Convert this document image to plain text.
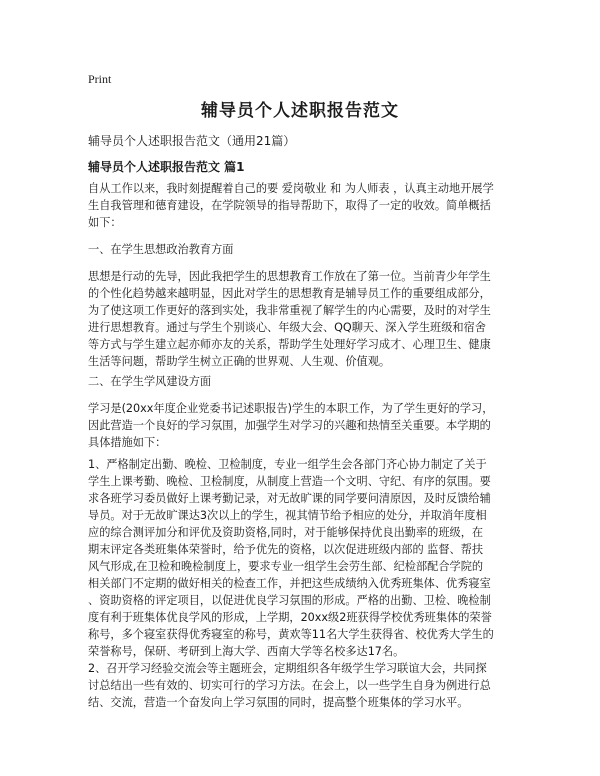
Print
辅导员个人述职报告范文
辅导员个人述职报告范文（通用21篇）
辅导员个人述职报告范文 篇1
自从工作以来，我时刻提醒着自己的要 爱岗敬业 和 为人师表 ，认真主动地开展学
生自我管理和德育建设，在学院领导的指导帮助下，取得了一定的收效。简单概括
如下：
一、在学生思想政治教育方面
思想是行动的先导，因此我把学生的思想教育工作放在了第一位。当前青少年学生
的个性化趋势越来越明显，因此对学生的思想教育是辅导员工作的重要组成部分，
为了使这项工作更好的落到实处，我非常重视了解学生的内心需要，及时的对学生
进行思想教育。通过与学生个别谈心、年级大会、QQ聊天、深入学生班级和宿舍
等方式与学生建立起亦师亦友的关系，帮助学生处理好学习成才、心理卫生、健康
生活等问题，帮助学生树立正确的世界观、人生观、价值观。
二、在学生学风建设方面
学习是(20xx年度企业党委书记述职报告)学生的本职工作，为了学生更好的学习，
因此营造一个良好的学习氛围，加强学生对学习的兴趣和热情至关重要。本学期的
具体措施如下：
1、严格制定出勤、晚检、卫检制度，专业一组学生会各部门齐心协力制定了关于
学生上课考勤、晚检、卫检制度，从制度上营造一个文明、守纪、有序的氛围。要
求各班学习委员做好上课考勤记录，对无故旷课的同学要问清原因，及时反馈给辅
导员。对于无故旷课达3次以上的学生，视其情节给予相应的处分，并取消年度相
应的综合测评加分和评优及资助资格,同时，对于能够保持优良出勤率的班级，在
期末评定各类班集体荣誉时，给予优先的资格，以次促进班级内部的 监督、帮扶
风气形成,在卫检和晚检制度上，要求专业一组学生会劳生部、纪检部配合学院的
相关部门不定期的做好相关的检查工作，并把这些成绩纳入优秀班集体、优秀寝室
、资助资格的评定项目，以促进优良学习氛围的形成。严格的出勤、卫检、晚检制
度有利于班集体优良学风的形成，上学期，20xx级2班获得学校优秀班集体的荣誉
称号，多个寝室获得优秀寝室的称号，黄欢等11名大学生获得省、校优秀大学生的
荣誉称号，保研、考研到上海大学、西南大学等名校多达17名。
2、召开学习经验交流会等主题班会，定期组织各年级学生学习联谊大会，共同探
讨总结出一些有效的、切实可行的学习方法。在会上，以一些学生自身为例进行总
结、交流，营造一个奋发向上学习氛围的同时，提高整个班集体的学习水平。
